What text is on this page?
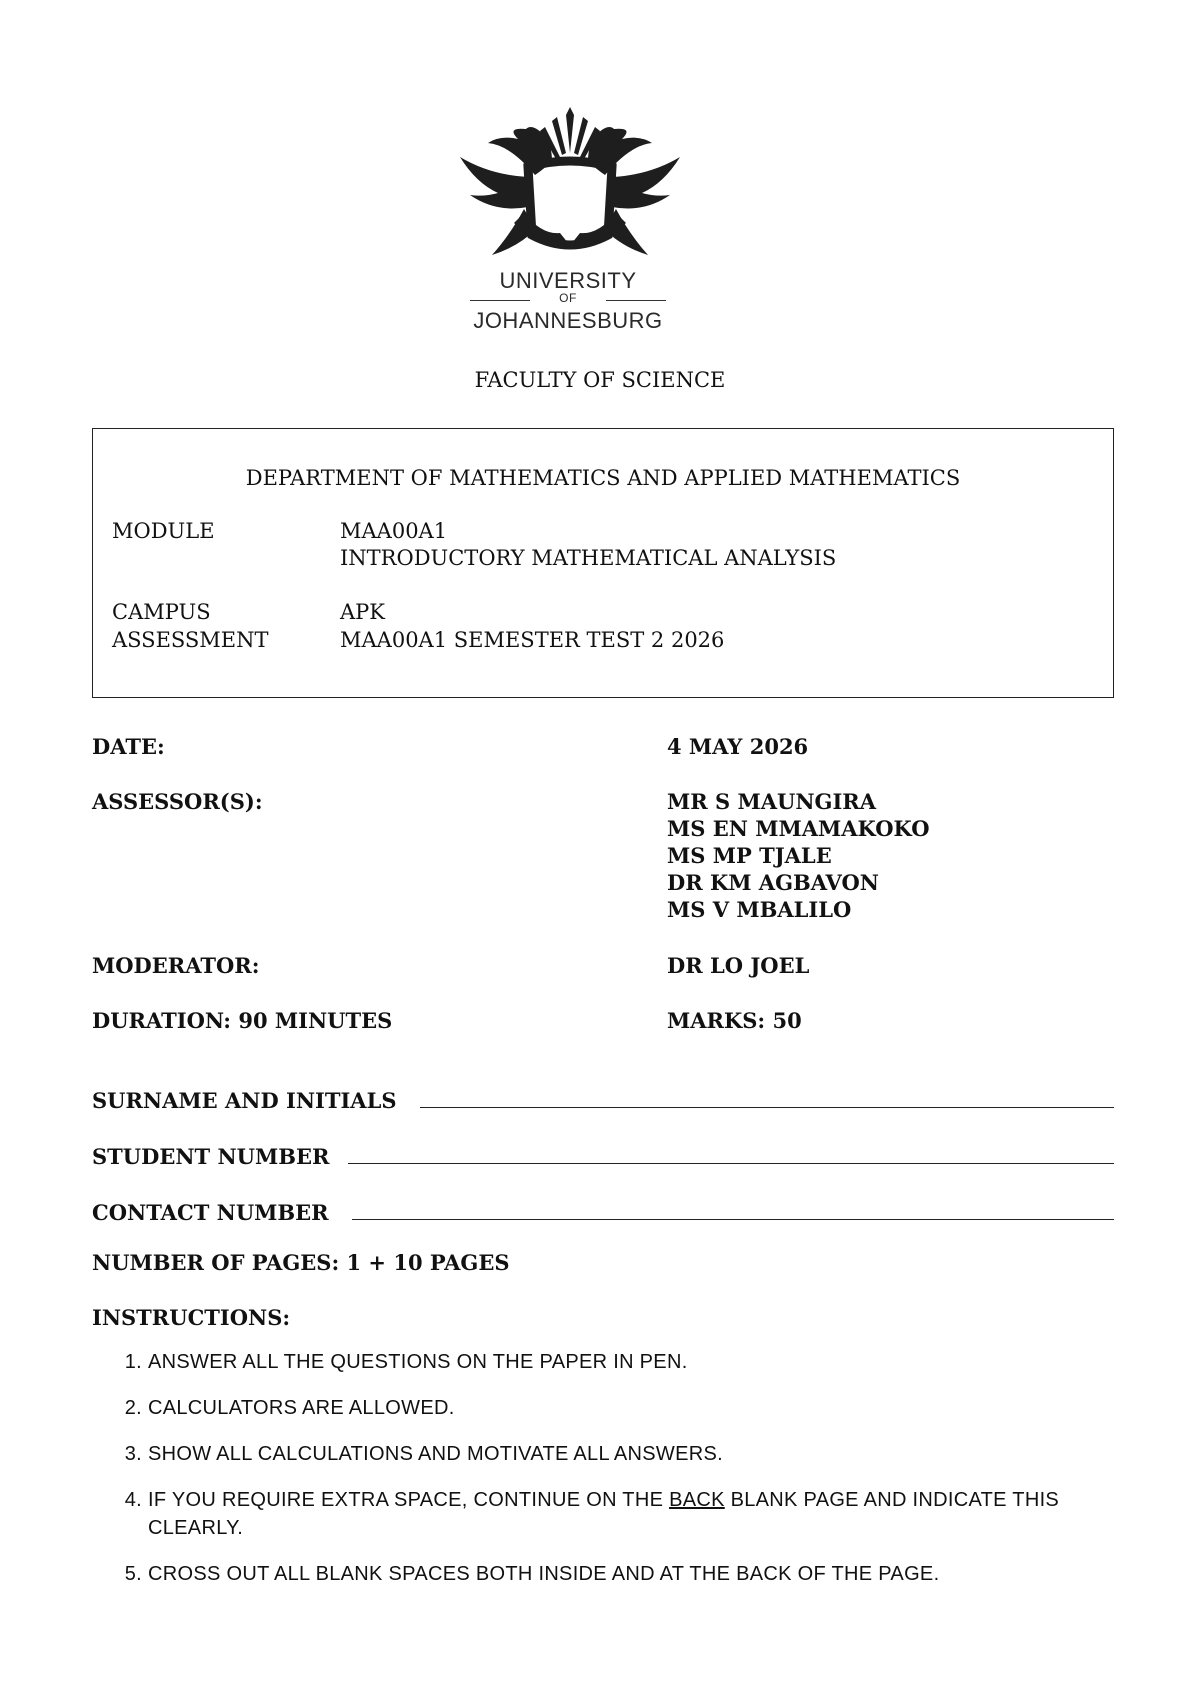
UNIVERSITY
OF
JOHANNESBURG
FACULTY OF SCIENCE
DEPARTMENT OF MATHEMATICS AND APPLIED MATHEMATICS
MODULE	MAA00A1
INTRODUCTORY MATHEMATICAL ANALYSIS
CAMPUS	APK
ASSESSMENT	MAA00A1 SEMESTER TEST 2 2026
DATE:	4 MAY 2026
ASSESSOR(S):	MR S MAUNGIRA
MS EN MMAMAKOKO
MS MP TJALE
DR KM AGBAVON
MS V MBALILO
MODERATOR:	DR LO JOEL
DURATION: 90 MINUTES	MARKS: 50
SURNAME AND INITIALS
STUDENT NUMBER
CONTACT NUMBER
NUMBER OF PAGES: 1 + 10 PAGES
INSTRUCTIONS:
1. ANSWER ALL THE QUESTIONS ON THE PAPER IN PEN.
2. CALCULATORS ARE ALLOWED.
3. SHOW ALL CALCULATIONS AND MOTIVATE ALL ANSWERS.
4. IF YOU REQUIRE EXTRA SPACE, CONTINUE ON THE BACK BLANK PAGE AND INDICATE THIS CLEARLY.
5. CROSS OUT ALL BLANK SPACES BOTH INSIDE AND AT THE BACK OF THE PAGE.
